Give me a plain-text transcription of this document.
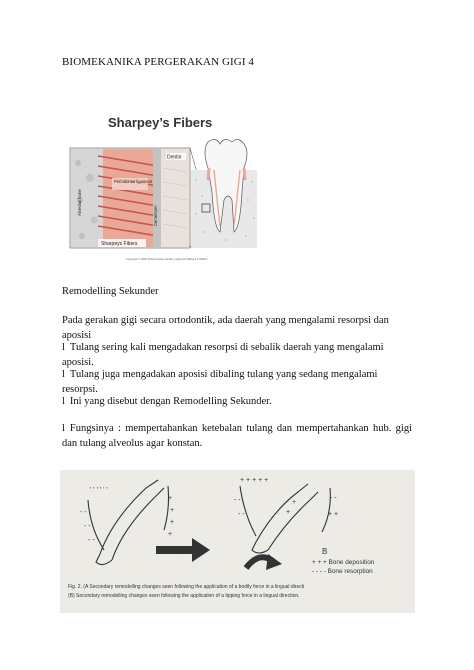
BIOMEKANIKA PERGERAKAN GIGI 4
Sharpey’s Fibers
Dentin
Periodontal ligament
Cementum
Alveolar bone
Sharpeys Fibers
Copyright © 2008 Wolters Kluwer Health | Lippincott Williams & Wilkins
Remodelling Sekunder
Pada gerakan gigi secara ortodontik, ada daerah yang mengalami resorpsi dan aposisi
l Tulang sering kali mengadakan resorpsi di sebalik daerah yang mengalami aposisi.
l Tulang juga mengadakan aposisi dibaling tulang yang sedang mengalami resorpsi.
l Ini yang disebut dengan Remodelling Sekunder.
l Fungsinya : mempertahankan ketebalan tulang dan mempertahankan hub. gigi dan tulang alveolus agar konstan.
' ' ' ' ' '
- -
- -
- -
+
+
+
+
A
+ + + + +
- -
- -	+
+
- -
+ +
B
+ + + Bone deposition
- - - - Bone resorption
Fig. 2. (A Secondary remodelling changes seen following the application of a bodily force in a lingual directi
(B) Secondary remodelling changes seen following the application of a tipping force in a lingual direction.
